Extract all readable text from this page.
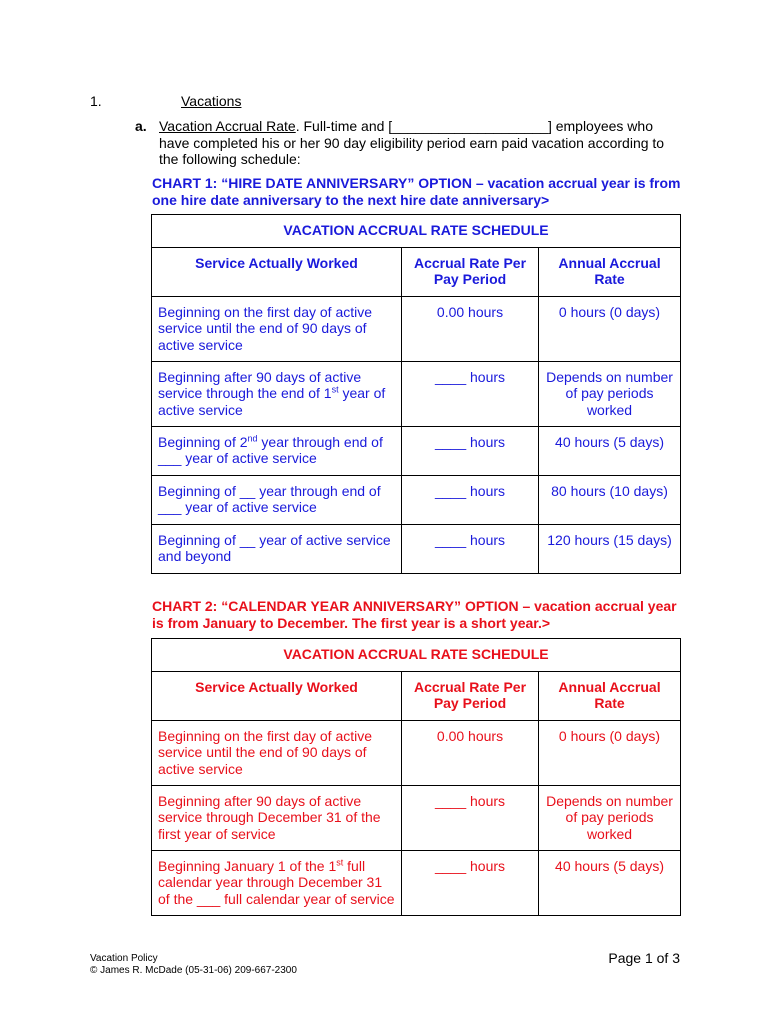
1.	Vacations
a. Vacation Accrual Rate. Full-time and [____________________] employees who have completed his or her 90 day eligibility period earn paid vacation according to the following schedule:
CHART 1: “HIRE DATE ANNIVERSARY” OPTION – vacation accrual year is from one hire date anniversary to the next hire date anniversary>
VACATION ACCRUAL RATE SCHEDULE		
Service Actually Worked	Accrual Rate Per Pay Period	Annual Accrual Rate
Beginning on the first day of active service until the end of 90 days of active service	0.00 hours	0 hours (0 days)
Beginning after 90 days of active service through the end of 1st year of active service	____ hours	Depends on number of pay periods worked
Beginning of 2nd year through end of ___ year of active service	____ hours	40 hours (5 days)
Beginning of __ year through end of ___ year of active service	____ hours	80 hours (10 days)
Beginning of __ year of active service and beyond	____ hours	120 hours (15 days)
CHART 2: “CALENDAR YEAR ANNIVERSARY” OPTION – vacation accrual year is from January to December. The first year is a short year.>
VACATION ACCRUAL RATE SCHEDULE		
Service Actually Worked	Accrual Rate Per Pay Period	Annual Accrual Rate
Beginning on the first day of active service until the end of 90 days of active service	0.00 hours	0 hours (0 days)
Beginning after 90 days of active service through December 31 of the first year of service	____ hours	Depends on number of pay periods worked
Beginning January 1 of the 1st full calendar year through December 31 of the ___ full calendar year of service	____ hours	40 hours (5 days)
Vacation Policy
© James R. McDade (05-31-06) 209-667-2300
Page 1 of 3
